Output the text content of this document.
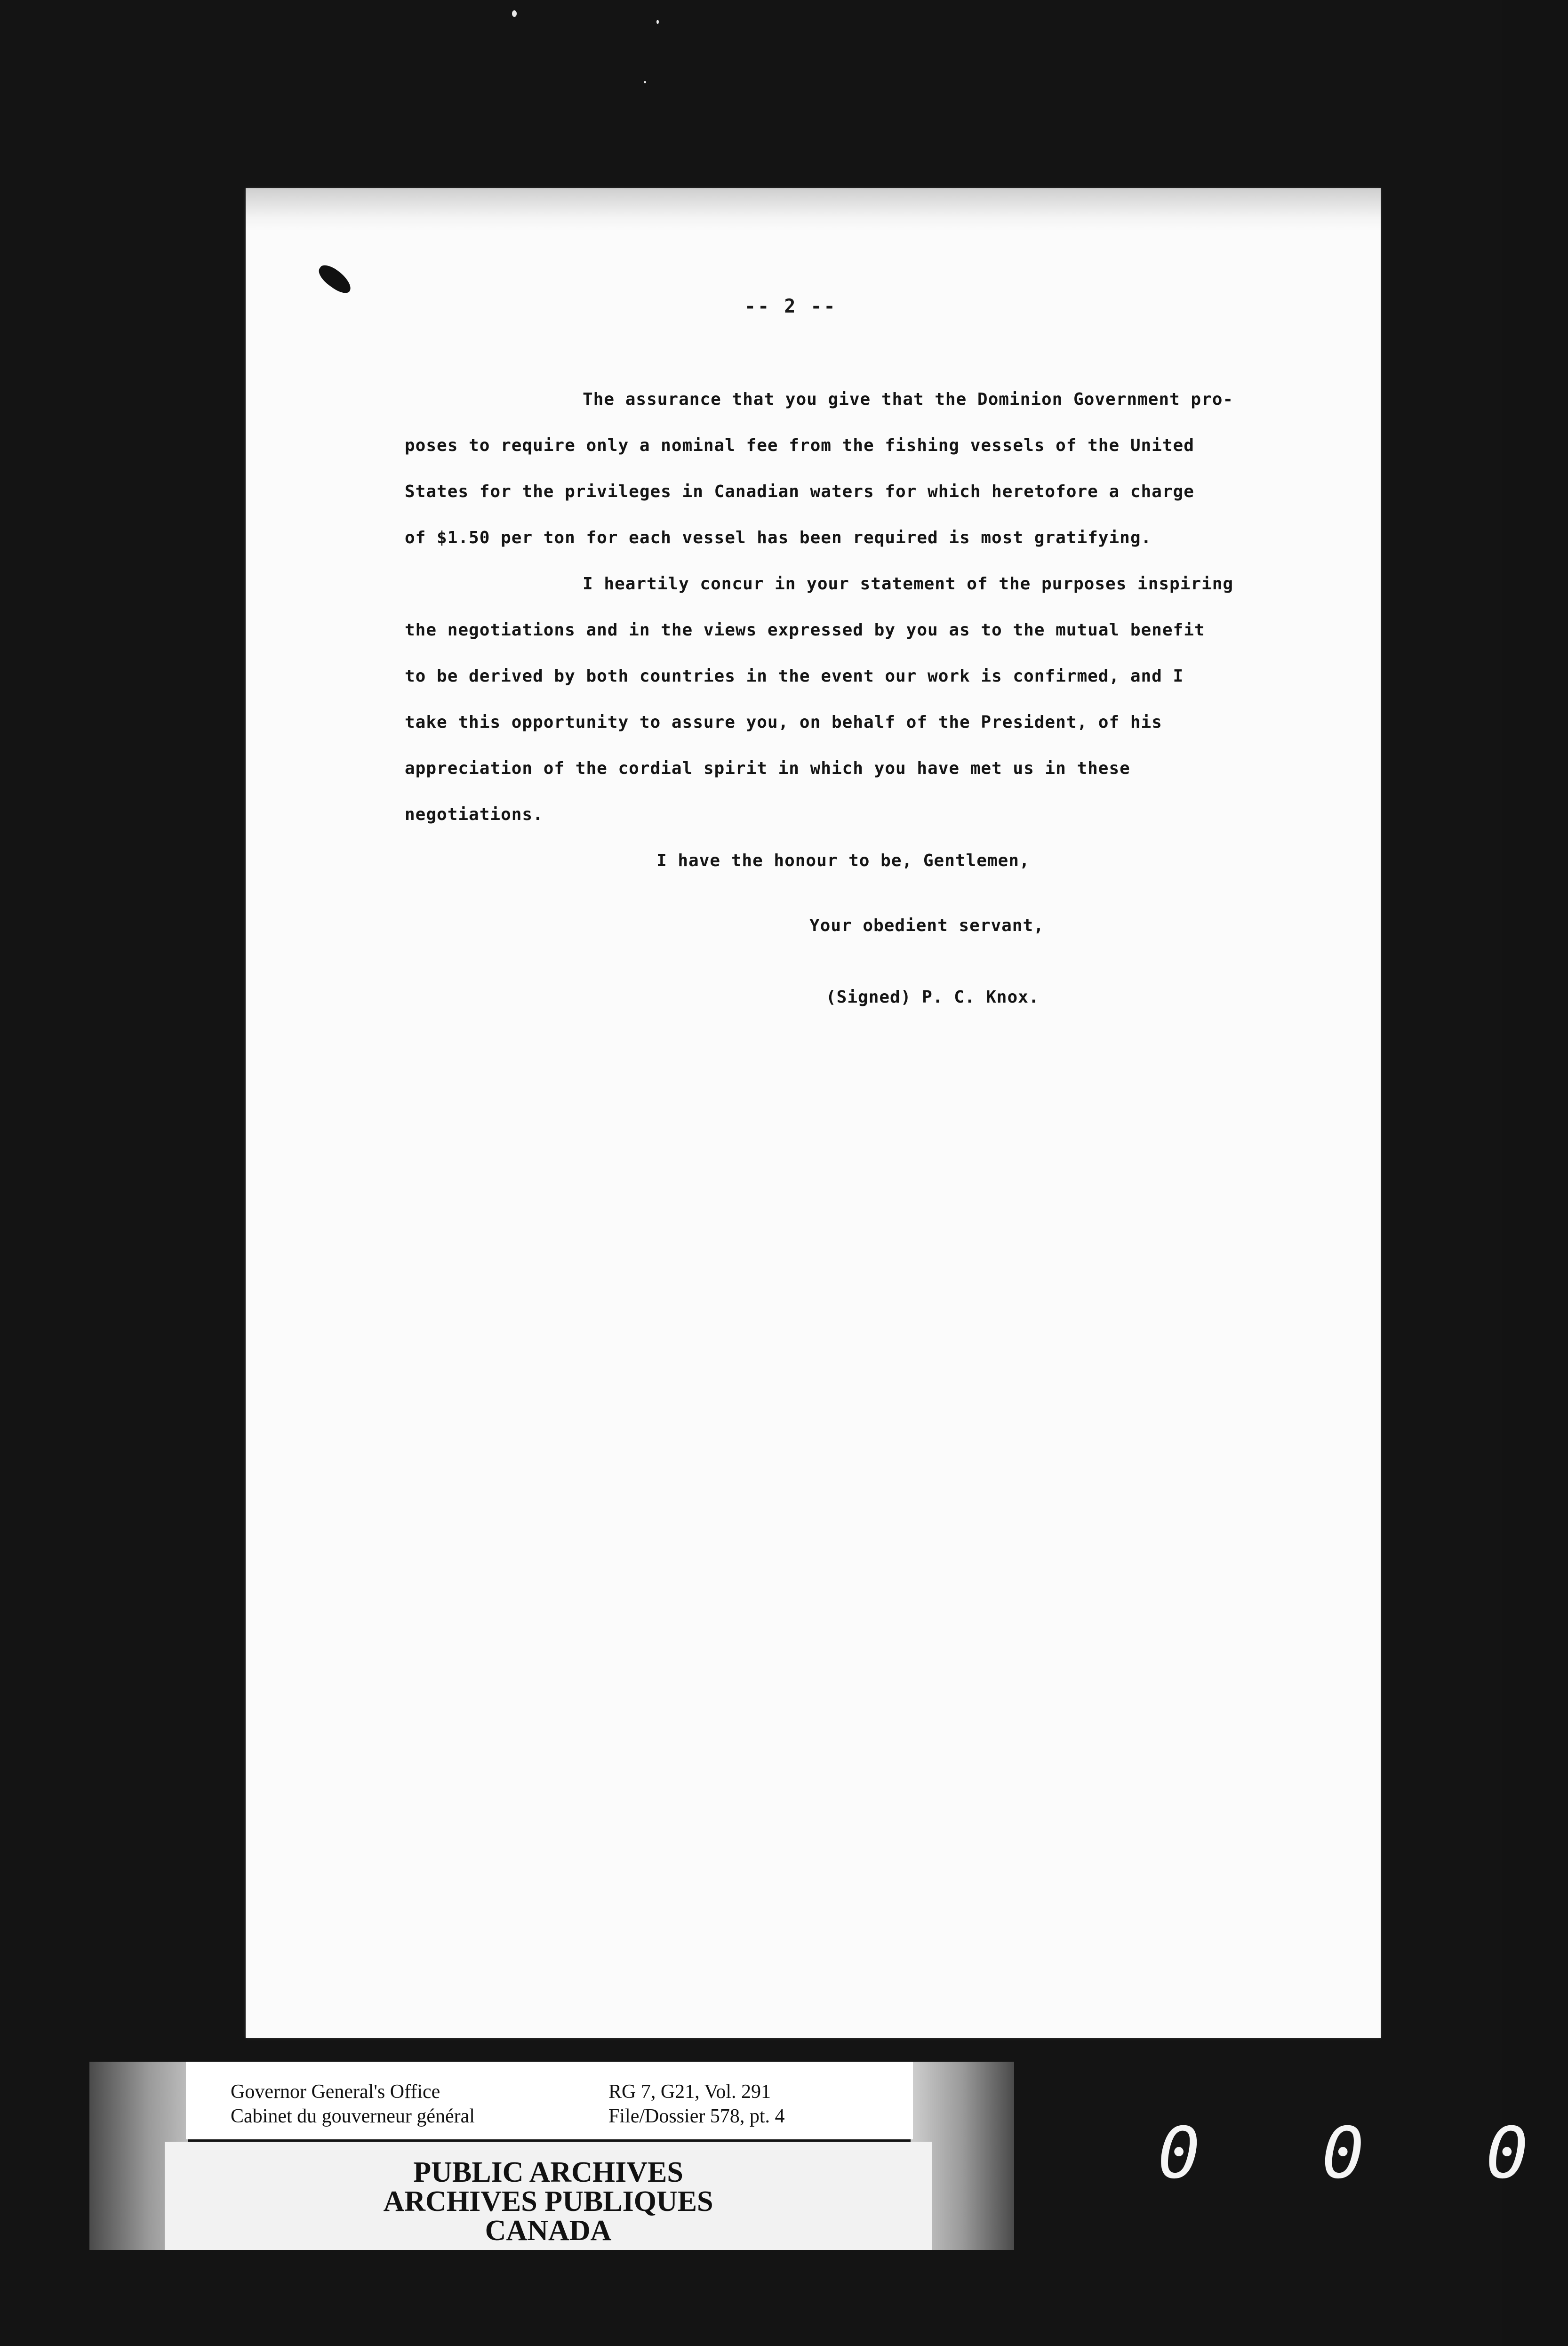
-- 2 --
The assurance that you give that the Dominion Government pro-
poses to require only a nominal fee from the fishing vessels of the United
States for the privileges in Canadian waters for which heretofore a charge
of $1.50 per ton for each vessel has been required is most gratifying.
I heartily concur in your statement of the purposes inspiring
the negotiations and in the views expressed by you as to the mutual benefit
to be derived by both countries in the event our work is confirmed, and I
take this opportunity to assure you, on behalf of the President, of his
appreciation of the cordial spirit in which you have met us in these
negotiations.
I have the honour to be, Gentlemen,
Your obedient servant,
(Signed) P. C. Knox.
Governor General's Office
Cabinet du gouverneur général
RG 7, G21, Vol. 291
File/Dossier 578, pt. 4
PUBLIC ARCHIVES
ARCHIVES PUBLIQUES
CANADA
0 0 0
